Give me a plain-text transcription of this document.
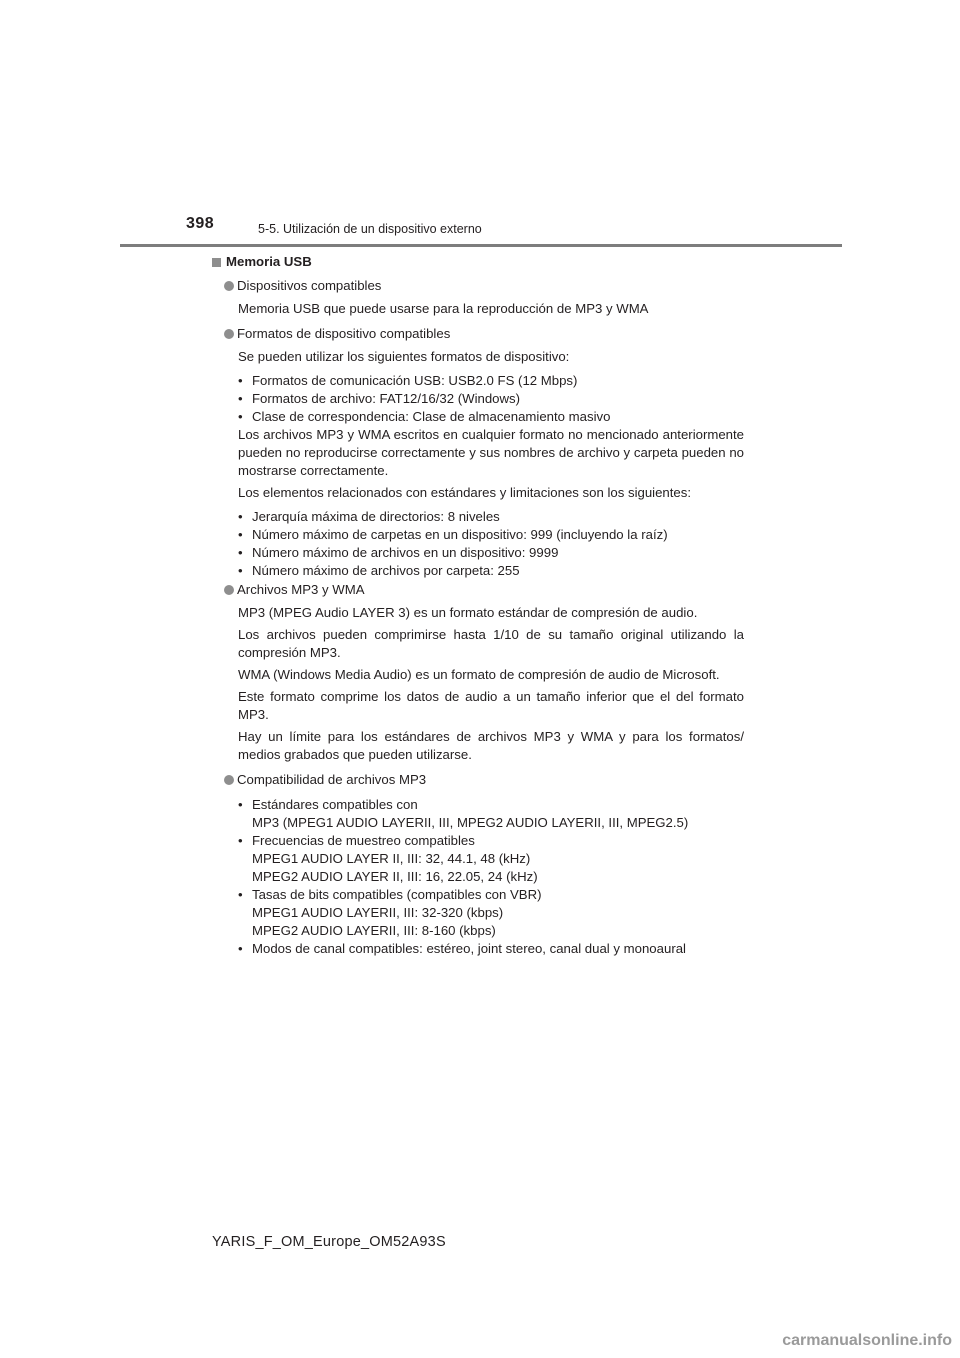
398	5-5. Utilización de un dispositivo externo
Memoria USB
Dispositivos compatibles
Memoria USB que puede usarse para la reproducción de MP3 y WMA
Formatos de dispositivo compatibles
Se pueden utilizar los siguientes formatos de dispositivo:
• Formatos de comunicación USB: USB2.0 FS (12 Mbps)
• Formatos de archivo: FAT12/16/32 (Windows)
• Clase de correspondencia: Clase de almacenamiento masivo
Los archivos MP3 y WMA escritos en cualquier formato no mencionado anteriormente pueden no reproducirse correctamente y sus nombres de archivo y carpeta pueden no mostrarse correctamente.
Los elementos relacionados con estándares y limitaciones son los siguientes:
• Jerarquía máxima de directorios: 8 niveles
• Número máximo de carpetas en un dispositivo: 999 (incluyendo la raíz)
• Número máximo de archivos en un dispositivo: 9999
• Número máximo de archivos por carpeta: 255
Archivos MP3 y WMA
MP3 (MPEG Audio LAYER 3) es un formato estándar de compresión de audio.
Los archivos pueden comprimirse hasta 1/10 de su tamaño original utilizando la compresión MP3.
WMA (Windows Media Audio) es un formato de compresión de audio de Microsoft.
Este formato comprime los datos de audio a un tamaño inferior que el del formato MP3.
Hay un límite para los estándares de archivos MP3 y WMA y para los formatos/ medios grabados que pueden utilizarse.
Compatibilidad de archivos MP3
• Estándares compatibles con
MP3 (MPEG1 AUDIO LAYERII, III, MPEG2 AUDIO LAYERII, III, MPEG2.5)
• Frecuencias de muestreo compatibles
MPEG1 AUDIO LAYER II, III: 32, 44.1, 48 (kHz)
MPEG2 AUDIO LAYER II, III: 16, 22.05, 24 (kHz)
• Tasas de bits compatibles (compatibles con VBR)
MPEG1 AUDIO LAYERII, III: 32-320 (kbps)
MPEG2 AUDIO LAYERII, III: 8-160 (kbps)
• Modos de canal compatibles: estéreo, joint stereo, canal dual y monoaural
YARIS_F_OM_Europe_OM52A93S
carmanualsonline.info
